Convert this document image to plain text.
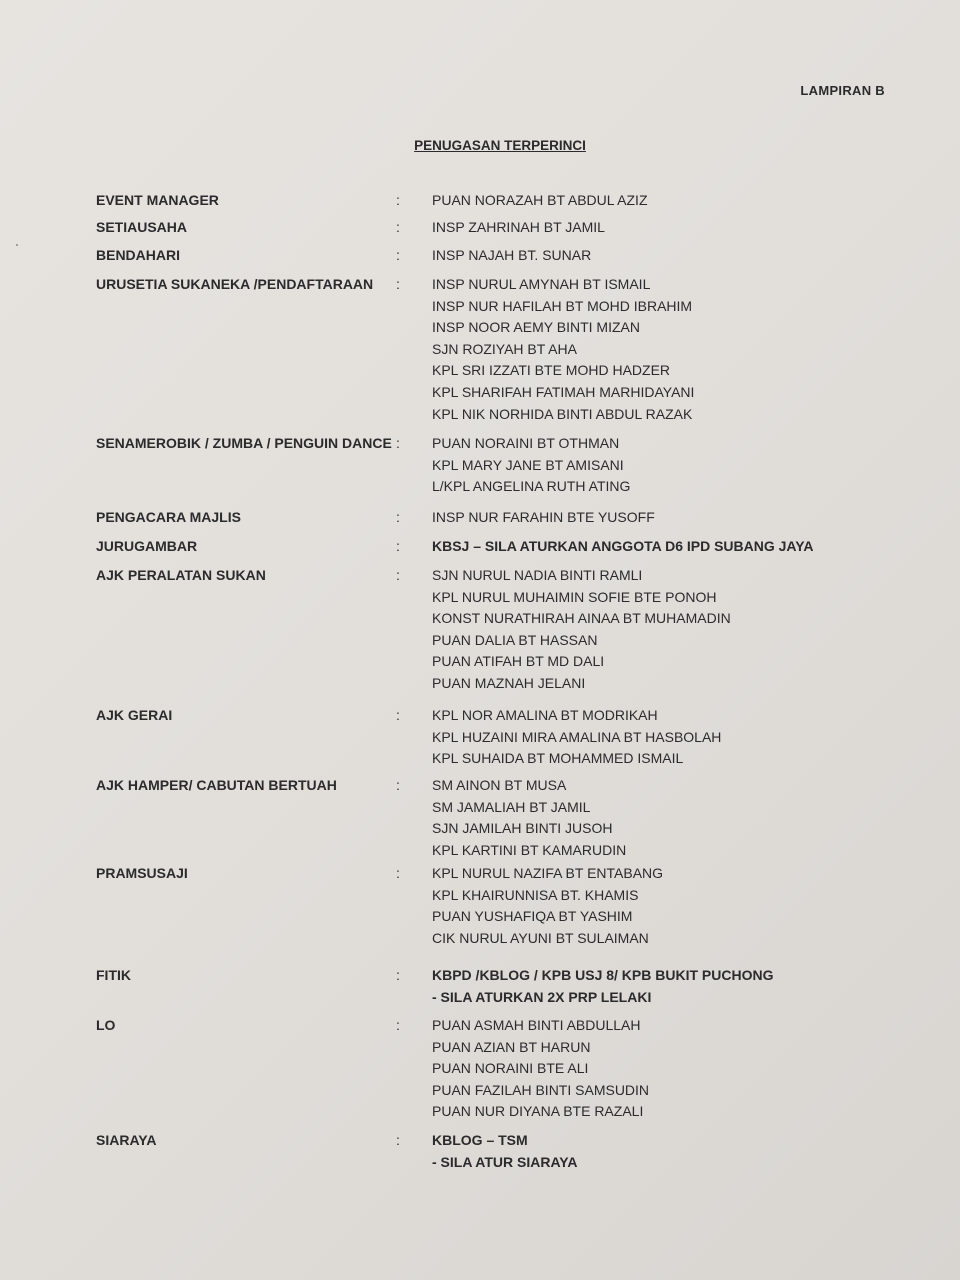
LAMPIRAN B
PENUGASAN TERPERINCI
EVENT MANAGER	:	PUAN NORAZAH BT ABDUL AZIZ
SETIAUSAHA	:	INSP ZAHRINAH BT JAMIL
BENDAHARI	:	INSP NAJAH BT. SUNAR
URUSETIA SUKANEKA /PENDAFTARAAN	:	INSP NURUL AMYNAH BT ISMAIL
INSP NUR HAFILAH BT MOHD IBRAHIM
INSP NOOR AEMY BINTI MIZAN
SJN ROZIYAH BT AHA
KPL SRI IZZATI BTE MOHD HADZER
KPL SHARIFAH FATIMAH MARHIDAYANI
KPL NIK NORHIDA BINTI ABDUL RAZAK
SENAMEROBIK / ZUMBA / PENGUIN DANCE :	PUAN NORAINI BT OTHMAN
KPL MARY JANE BT AMISANI
L/KPL ANGELINA RUTH ATING
PENGACARA MAJLIS	:	INSP NUR FARAHIN BTE YUSOFF
JURUGAMBAR	:	KBSJ – SILA ATURKAN ANGGOTA D6 IPD SUBANG JAYA
AJK PERALATAN SUKAN	:	SJN NURUL NADIA BINTI RAMLI
KPL NURUL MUHAIMIN SOFIE BTE PONOH
KONST NURATHIRAH AINAA BT MUHAMADIN
PUAN DALIA BT HASSAN
PUAN ATIFAH BT MD DALI
PUAN MAZNAH JELANI
AJK GERAI	:	KPL NOR AMALINA BT MODRIKAH
KPL HUZAINI MIRA AMALINA BT HASBOLAH
KPL SUHAIDA BT MOHAMMED ISMAIL
AJK HAMPER/ CABUTAN BERTUAH	:	SM AINON BT MUSA
SM JAMALIAH BT JAMIL
SJN JAMILAH BINTI JUSOH
KPL KARTINI BT KAMARUDIN
PRAMSUSAJI	:	KPL NURUL NAZIFA BT ENTABANG
KPL KHAIRUNNISA BT. KHAMIS
PUAN YUSHAFIQA BT YASHIM
CIK NURUL AYUNI BT SULAIMAN
FITIK	:	KBPD /KBLOG / KPB USJ 8/ KPB BUKIT PUCHONG
- SILA ATURKAN 2X PRP LELAKI
LO	:	PUAN ASMAH BINTI ABDULLAH
PUAN AZIAN BT HARUN
PUAN NORAINI BTE ALI
PUAN FAZILAH BINTI SAMSUDIN
PUAN NUR DIYANA BTE RAZALI
SIARAYA	:	KBLOG – TSM
- SILA ATUR SIARAYA
